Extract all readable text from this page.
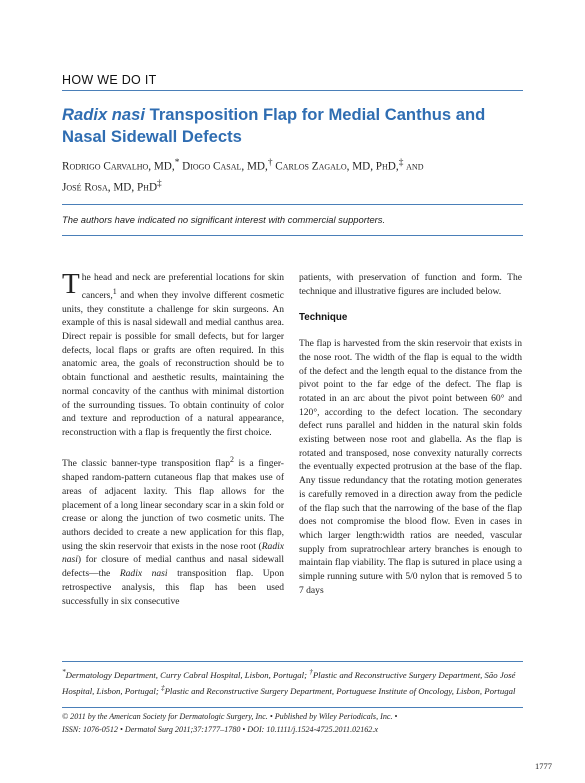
HOW WE DO IT
Radix nasi Transposition Flap for Medial Canthus and Nasal Sidewall Defects
Rodrigo Carvalho, MD,* Diogo Casal, MD,† Carlos Zagalo, MD, PhD,‡ and
José Rosa, MD, PhD‡
The authors have indicated no significant interest with commercial supporters.

The head and neck are preferential locations for skin cancers,$^1$ and when they involve different cosmetic units, they constitute a challenge for skin surgeons. An example of this is nasal sidewall and medial canthus area. Direct repair is possible for small defects, but for larger defects, local flaps or grafts are often required. In this anatomic area, the goals of reconstruction should be to obtain functional and aesthetic results, maintaining the normal concavity of the canthus with minimal distortion of the surrounding tissues. To obtain continuity of color and texture and reproduction of a natural appearance, reconstruction with a flap is frequently the first choice.

The classic banner-type transposition flap$^2$ is a finger-shaped random-pattern cutaneous flap that makes use of areas of adjacent laxity. This flap allows for the placement of a long linear secondary scar in a skin fold or crease or along the junction of two cosmetic units. The authors decided to create a new application for this flap, using the skin reservoir that exists in the nose root (Radix nasi) for closure of medial canthus and nasal sidewall defects—the Radix nasi transposition flap. Upon retrospective analysis, this flap has been used successfully in six consecutive

patients, with preservation of function and form. The technique and illustrative figures are included below.

Technique

The flap is harvested from the skin reservoir that exists in the nose root. The width of the flap is equal to the width of the defect and the length equal to the distance from the pivot point to the far edge of the defect. The flap is rotated in an arc about the pivot point between 60° and 120°, according to the defect location. The secondary defect runs parallel and hidden in the natural skin folds existing between nose root and glabella. As the flap is rotated and transposed, nose convexity naturally corrects the eventually expected protrusion at the base of the flap. Any tissue redundancy that the rotating motion generates is carefully removed in a direction away from the pedicle of the flap such that the narrowing of the base of the flap does not compromise the blood flow. Even in cases in which larger length:width ratios are needed, vascular supply from supratrochlear artery branches is enough to maintain flap viability. The flap is sutured in place using a simple running suture with 5/0 nylon that is removed 5 to 7 days

*Dermatology Department, Curry Cabral Hospital, Lisbon, Portugal; †Plastic and Reconstructive Surgery Department, São José Hospital, Lisbon, Portugal; ‡Plastic and Reconstructive Surgery Department, Portuguese Institute of Oncology, Lisbon, Portugal
© 2011 by the American Society for Dermatologic Surgery, Inc. • Published by Wiley Periodicals, Inc. •
ISSN: 1076-0512 • Dermatol Surg 2011;37:1777–1780 • DOI: 10.1111/j.1524-4725.2011.02162.x
1777
